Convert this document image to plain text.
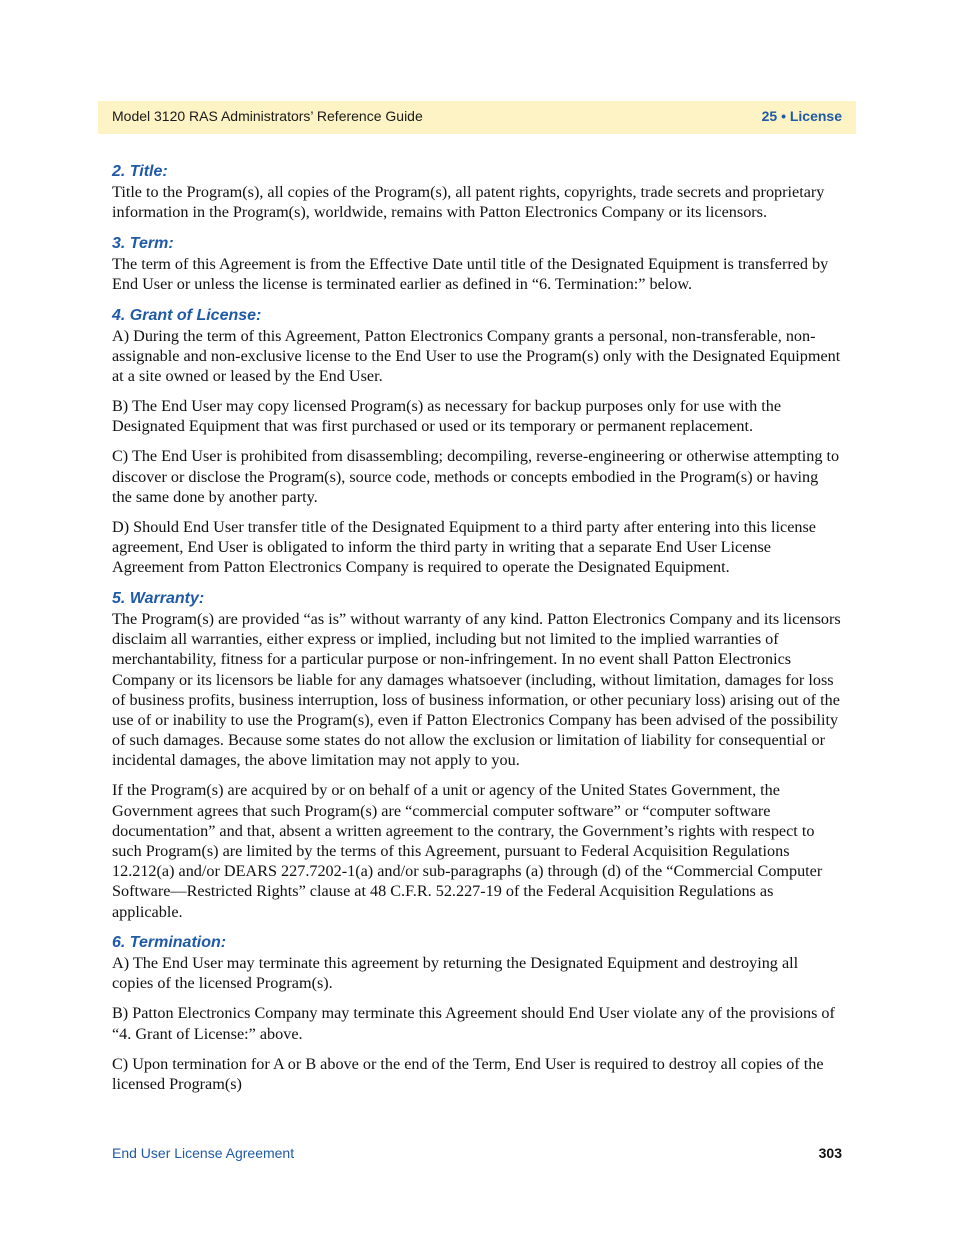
Model 3120 RAS Administrators’ Reference Guide	25 • License
2. Title:

Title to the Program(s), all copies of the Program(s), all patent rights, copyrights, trade secrets and proprietary information in the Program(s), worldwide, remains with Patton Electronics Company or its licensors.

3. Term:

The term of this Agreement is from the Effective Date until title of the Designated Equipment is transferred by End User or unless the license is terminated earlier as defined in “6. Termination:” below.

4. Grant of License:

A) During the term of this Agreement, Patton Electronics Company grants a personal, non-transferable, non-assignable and non-exclusive license to the End User to use the Program(s) only with the Designated Equipment at a site owned or leased by the End User.

B) The End User may copy licensed Program(s) as necessary for backup purposes only for use with the Designated Equipment that was first purchased or used or its temporary or permanent replacement.

C) The End User is prohibited from disassembling; decompiling, reverse-engineering or otherwise attempting to discover or disclose the Program(s), source code, methods or concepts embodied in the Program(s) or having the same done by another party.

D) Should End User transfer title of the Designated Equipment to a third party after entering into this license agreement, End User is obligated to inform the third party in writing that a separate End User License Agreement from Patton Electronics Company is required to operate the Designated Equipment.

5. Warranty:

The Program(s) are provided “as is” without warranty of any kind. Patton Electronics Company and its licensors disclaim all warranties, either express or implied, including but not limited to the implied warranties of merchantability, fitness for a particular purpose or non-infringement. In no event shall Patton Electronics Company or its licensors be liable for any damages whatsoever (including, without limitation, damages for loss of business profits, business interruption, loss of business information, or other pecuniary loss) arising out of the use of or inability to use the Program(s), even if Patton Electronics Company has been advised of the possibility of such damages. Because some states do not allow the exclusion or limitation of liability for consequential or incidental damages, the above limitation may not apply to you.

If the Program(s) are acquired by or on behalf of a unit or agency of the United States Government, the Government agrees that such Program(s) are “commercial computer software” or “computer software documentation” and that, absent a written agreement to the contrary, the Government’s rights with respect to such Program(s) are limited by the terms of this Agreement, pursuant to Federal Acquisition Regulations 12.212(a) and/or DEARS 227.7202-1(a) and/or sub-paragraphs (a) through (d) of the “Commercial Computer Software—Restricted Rights” clause at 48 C.F.R. 52.227-19 of the Federal Acquisition Regulations as applicable.

6. Termination:

A) The End User may terminate this agreement by returning the Designated Equipment and destroying all copies of the licensed Program(s).

B) Patton Electronics Company may terminate this Agreement should End User violate any of the provisions of “4. Grant of License:” above.

C) Upon termination for A or B above or the end of the Term, End User is required to destroy all copies of the licensed Program(s)

End User License Agreement	303
